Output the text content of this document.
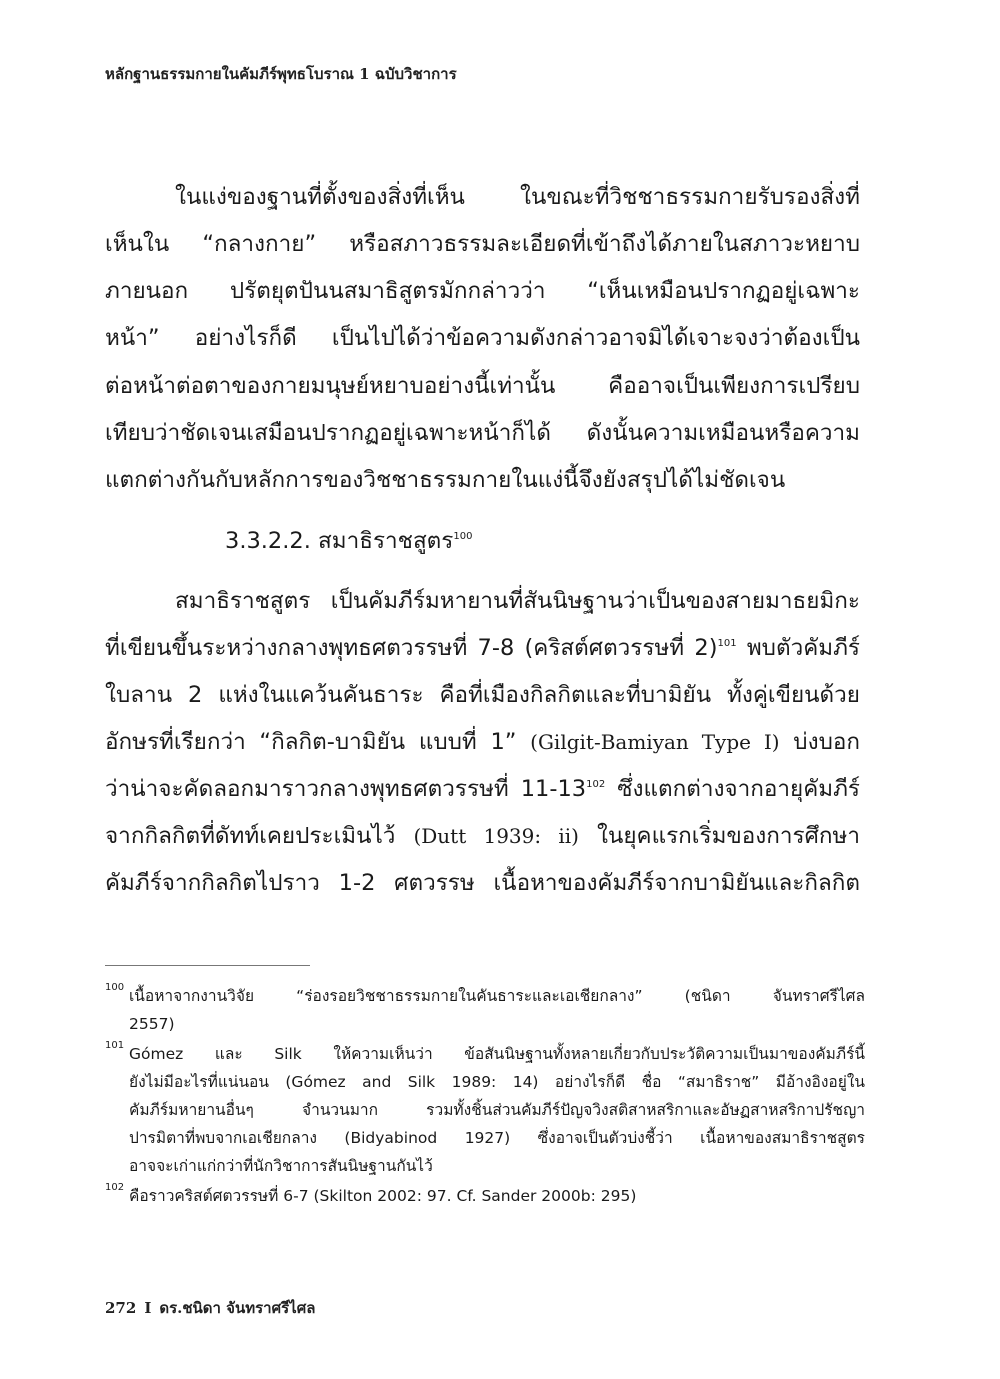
หลักฐานธรรมกายในคัมภีร์พุทธโบราณ 1 ฉบับวิชาการ
ในแง่ของฐานที่ตั้งของสิ่งที่เห็น ในขณะที่วิชชาธรรมกายรับรองสิ่งที่
เห็นใน “กลางกาย” หรือสภาวธรรมละเอียดที่เข้าถึงได้ภายในสภาวะหยาบ
ภายนอก ปรัตยุตปันนสมาธิสูตรมักกล่าวว่า “เห็นเหมือนปรากฏอยู่เฉพาะ
หน้า” อย่างไรก็ดี เป็นไปได้ว่าข้อความดังกล่าวอาจมิได้เจาะจงว่าต้องเป็น
ต่อหน้าต่อตาของกายมนุษย์หยาบอย่างนี้เท่านั้น คืออาจเป็นเพียงการเปรียบ
เทียบว่าชัดเจนเสมือนปรากฏอยู่เฉพาะหน้าก็ได้ ดังนั้นความเหมือนหรือความ
แตกต่างกันกับหลักการของวิชชาธรรมกายในแง่นี้จึงยังสรุปได้ไม่ชัดเจน
3.3.2.2. สมาธิราชสูตร$^{100}$
สมาธิราชสูตร เป็นคัมภีร์มหายานที่สันนิษฐานว่าเป็นของสายมาธยมิกะ
ที่เขียนขึ้นระหว่างกลางพุทธศตวรรษที่ 7-8 (คริสต์ศตวรรษที่ 2)$^{101}$ พบตัวคัมภีร์
ใบลาน 2 แห่งในแคว้นคันธาระ คือที่เมืองกิลกิตและที่บามิยัน ทั้งคู่เขียนด้วย
อักษรที่เรียกว่า “กิลกิต-บามิยัน แบบที่ 1” (Gilgit-Bamiyan Type I) บ่งบอก
ว่าน่าจะคัดลอกมาราวกลางพุทธศตวรรษที่ $11-13^{102}$ ซึ่งแตกต่างจากอายุคัมภีร์
จากกิลกิตที่ดัทท์เคยประเมินไว้ (Dutt 1939: ii) ในยุคแรกเริ่มของการศึกษา
คัมภีร์จากกิลกิตไปราว 1-2 ศตวรรษ เนื้อหาของคัมภีร์จากบามิยันและกิลกิต
100 เนื้อหาจากงานวิจัย “ร่องรอยวิชชาธรรมกายในคันธาระและเอเชียกลาง” (ชนิดา จันทราศรีไศล
2557)
101 Gómez และ Silk ให้ความเห็นว่า ข้อสันนิษฐานทั้งหลายเกี่ยวกับประวัติความเป็นมาของคัมภีร์นี้
ยังไม่มีอะไรที่แน่นอน (Gómez and Silk 1989: 14) อย่างไรก็ดี ชื่อ “สมาธิราช” มีอ้างอิงอยู่ใน
คัมภีร์มหายานอื่นๆ จำนวนมาก รวมทั้งชิ้นส่วนคัมภีร์ปัญจวิงสติสาหสริกาและอัษฏสาหสริกาปรัชญา
ปารมิตาที่พบจากเอเชียกลาง (Bidyabinod 1927) ซึ่งอาจเป็นตัวบ่งชี้ว่า เนื้อหาของสมาธิราชสูตร
อาจจะเก่าแก่กว่าที่นักวิชาการสันนิษฐานกันไว้
102 คือราวคริสต์ศตวรรษที่ 6-7 (Skilton 2002: 97. Cf. Sander 2000b: 295)
272 I ดร.ชนิดา จันทราศรีไศล
